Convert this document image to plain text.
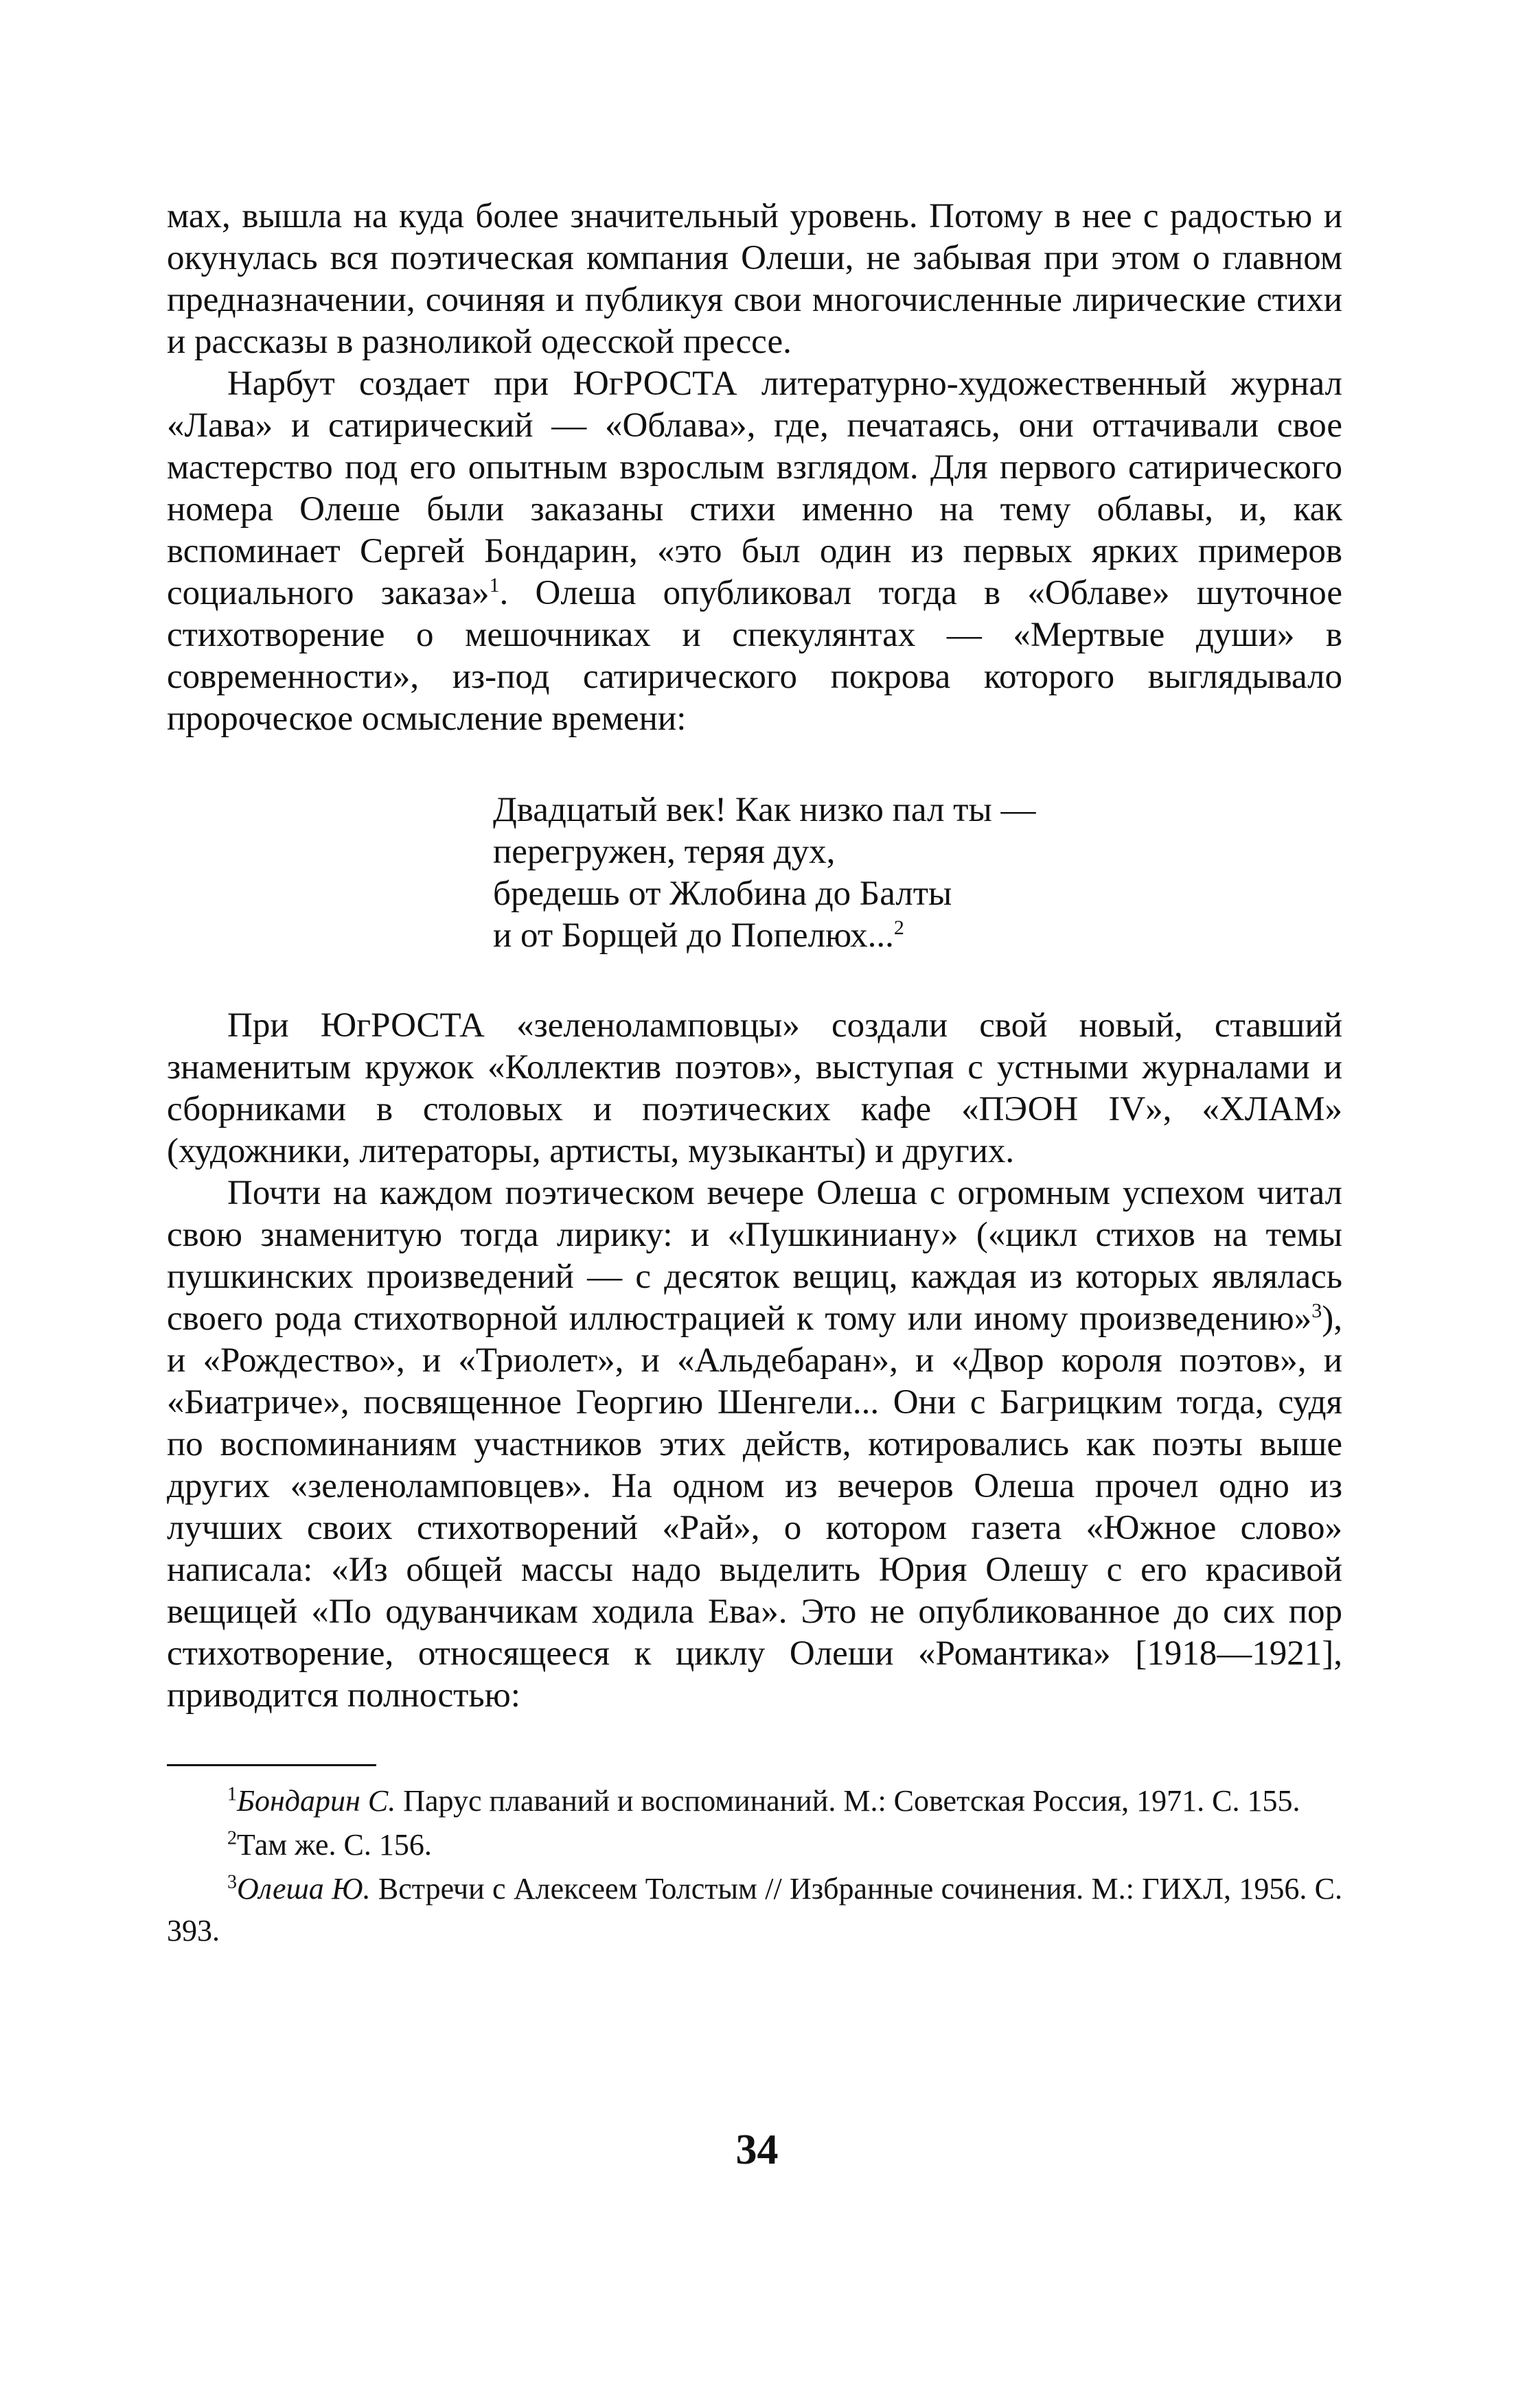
мах, вышла на куда более значительный уровень. Потому в нее с радостью и окунулась вся поэтическая компания Олеши, не забывая при этом о главном предназначении, сочиняя и публикуя свои многочисленные лирические стихи и рассказы в разноликой одесской прессе.

Нарбут создает при ЮгРОСТА литературно-художественный журнал «Лава» и сатирический — «Облава», где, печатаясь, они оттачивали свое мастерство под его опытным взрослым взглядом. Для первого сатирического номера Олеше были заказаны стихи именно на тему облавы, и, как вспоминает Сергей Бондарин, «это был один из первых ярких примеров социального заказа»$^1$. Олеша опубликовал тогда в «Облаве» шуточное стихотворение о мешочниках и спекулянтах — «Мертвые души» в современности», из-под сатирического покрова которого выглядывало пророческое осмысление времени:

Двадцатый век! Как низко пал ты —
перегружен, теряя дух,
бредешь от Жлобина до Балты
и от Борщей до Попелюх...$^2$

При ЮгРОСТА «зеленоламповцы» создали свой новый, ставший знаменитым кружок «Коллектив поэтов», выступая с устными журналами и сборниками в столовых и поэтических кафе «ПЭОН IV», «ХЛАМ» (художники, литераторы, артисты, музыканты) и других.

Почти на каждом поэтическом вечере Олеша с огромным успехом читал свою знаменитую тогда лирику: и «Пушкиниану» («цикл стихов на темы пушкинских произведений — с десяток вещиц, каждая из которых являлась своего рода стихотворной иллюстрацией к тому или иному произведению»$^3$), и «Рождество», и «Триолет», и «Альдебаран», и «Двор короля поэтов», и «Биатриче», посвященное Георгию Шенгели... Они с Багрицким тогда, судя по воспоминаниям участников этих действ, котировались как поэты выше других «зеленоламповцев». На одном из вечеров Олеша прочел одно из лучших своих стихотворений «Рай», о котором газета «Южное слово» написала: «Из общей массы надо выделить Юрия Олешу с его красивой вещицей «По одуванчикам ходила Ева». Это не опубликованное до сих пор стихотворение, относящееся к циклу Олеши «Романтика» [1918—1921], приводится полностью:

$^1$Бондарин С. Парус плаваний и воспоминаний. М.: Советская Россия, 1971. С. 155.

$^2$Там же. С. 156.

$^3$Олеша Ю. Встречи с Алексеем Толстым // Избранные сочинения. М.: ГИХЛ, 1956. С. 393.

34
